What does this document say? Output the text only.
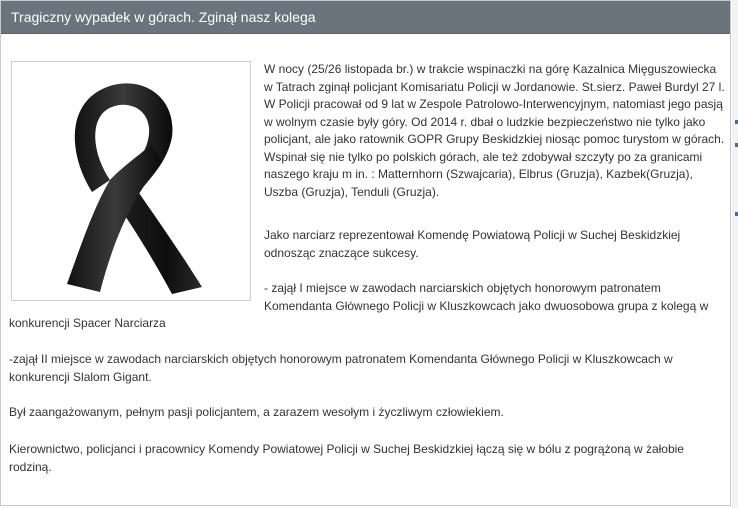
Tragiczny wypadek w górach. Zginął nasz kolega
W nocy (25/26 listopada br.) w trakcie wspinaczki na górę Kazalnica Mięguszowiecka
w Tatrach zginął policjant Komisariatu Policji w Jordanowie. St.sierz. Paweł Burdyl 27 l.
W Policji pracował od 9 lat w Zespole Patrolowo-Interwencyjnym, natomiast jego pasją
w wolnym czasie były góry. Od 2014 r. dbał o ludzkie bezpieczeństwo nie tylko jako
policjant, ale jako ratownik GOPR Grupy Beskidzkiej niosąc pomoc turystom w górach.
Wspinał się nie tylko po polskich górach, ale też zdobywał szczyty po za granicami
naszego kraju m in. : Matternhorn (Szwajcaria), Elbrus (Gruzja), Kazbek(Gruzja),
Uszba (Gruzja), Tenduli (Gruzja).
Jako narciarz reprezentował Komendę Powiatową Policji w Suchej Beskidzkiej
odnosząc znaczące sukcesy.
- zajął I miejsce w zawodach narciarskich objętych honorowym patronatem
Komendanta Głównego Policji w Kluszkowcach jako dwuosobowa grupa z kolegą w
konkurencji Spacer Narciarza
-zajął II miejsce w zawodach narciarskich objętych honorowym patronatem Komendanta Głównego Policji w Kluszkowcach w
konkurencji Slalom Gigant.
Był zaangażowanym, pełnym pasji policjantem, a zarazem wesołym i życzliwym człowiekiem.
Kierownictwo, policjanci i pracownicy Komendy Powiatowej Policji w Suchej Beskidzkiej łączą się w bólu z pogrążoną w żałobie
rodziną.
